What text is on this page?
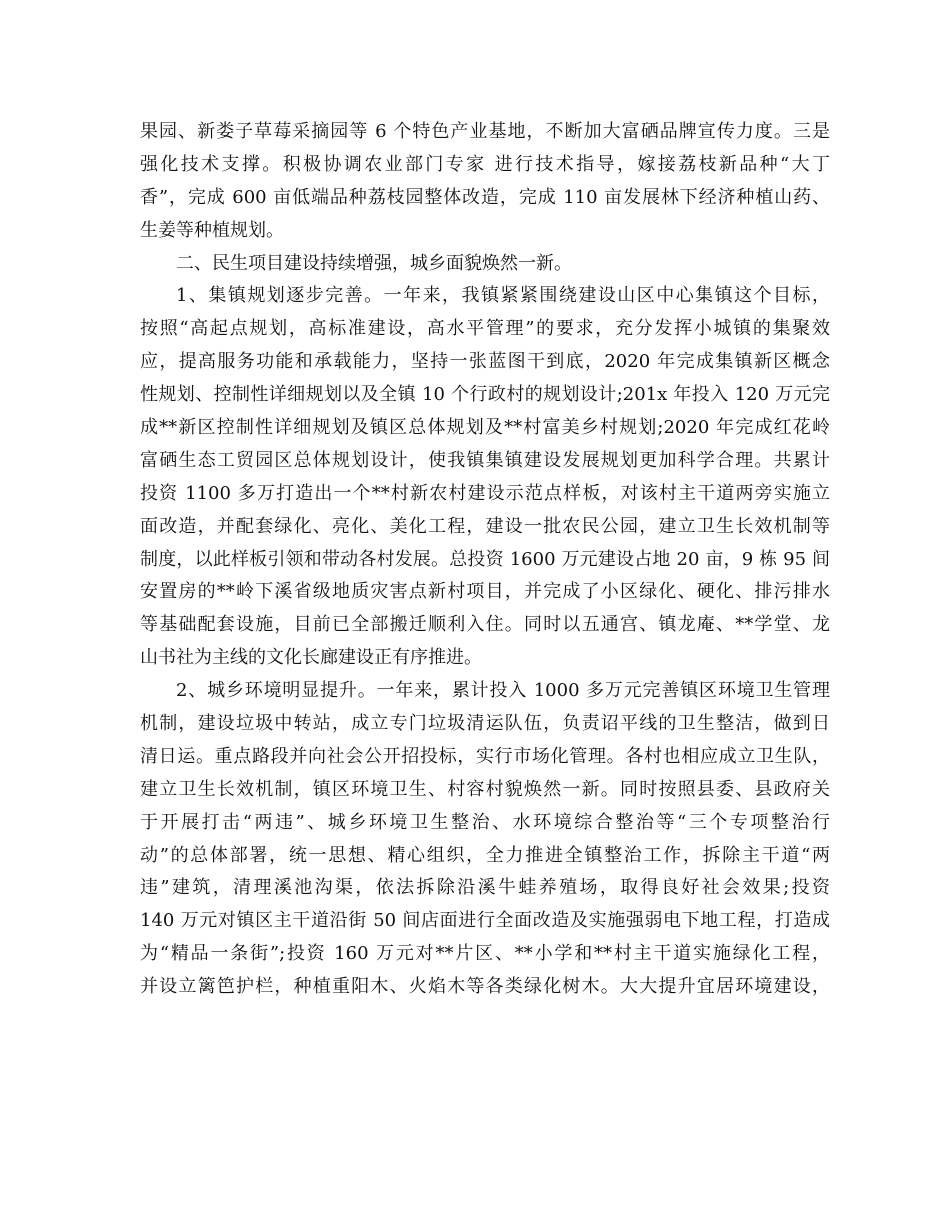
果园、新娄子草莓采摘园等 6 个特色产业基地，不断加大富硒品牌宣传力度。三是
强化技术支撑。积极协调农业部门专家 进行技术指导，嫁接荔枝新品种“大丁
香”，完成 600 亩低端品种荔枝园整体改造，完成 110 亩发展林下经济种植山药、
生姜等种植规划。
二、民生项目建设持续增强，城乡面貌焕然一新。
1、集镇规划逐步完善。一年来，我镇紧紧围绕建设山区中心集镇这个目标，
按照“高起点规划，高标准建设，高水平管理”的要求，充分发挥小城镇的集聚效
应，提高服务功能和承载能力，坚持一张蓝图干到底，2020 年完成集镇新区概念
性规划、控制性详细规划以及全镇 10 个行政村的规划设计;201x 年投入 120 万元完
成**新区控制性详细规划及镇区总体规划及**村富美乡村规划;2020 年完成红花岭
富硒生态工贸园区总体规划设计，使我镇集镇建设发展规划更加科学合理。共累计
投资 1100 多万打造出一个**村新农村建设示范点样板，对该村主干道两旁实施立
面改造，并配套绿化、亮化、美化工程，建设一批农民公园，建立卫生长效机制等
制度，以此样板引领和带动各村发展。总投资 1600 万元建设占地 20 亩，9 栋 95 间
安置房的**岭下溪省级地质灾害点新村项目，并完成了小区绿化、硬化、排污排水
等基础配套设施，目前已全部搬迁顺利入住。同时以五通宫、镇龙庵、**学堂、龙
山书社为主线的文化长廊建设正有序推进。
2、城乡环境明显提升。一年来，累计投入 1000 多万元完善镇区环境卫生管理
机制，建设垃圾中转站，成立专门垃圾清运队伍，负责诏平线的卫生整洁，做到日
清日运。重点路段并向社会公开招投标，实行市场化管理。各村也相应成立卫生队，
建立卫生长效机制，镇区环境卫生、村容村貌焕然一新。同时按照县委、县政府关
于开展打击“两违”、城乡环境卫生整治、水环境综合整治等“三个专项整治行
动”的总体部署，统一思想、精心组织，全力推进全镇整治工作，拆除主干道“两
违”建筑，清理溪池沟渠，依法拆除沿溪牛蛙养殖场，取得良好社会效果;投资
140 万元对镇区主干道沿街 50 间店面进行全面改造及实施强弱电下地工程，打造成
为“精品一条街”;投资 160 万元对**片区、**小学和**村主干道实施绿化工程，
并设立篱笆护栏，种植重阳木、火焰木等各类绿化树木。大大提升宜居环境建设，
